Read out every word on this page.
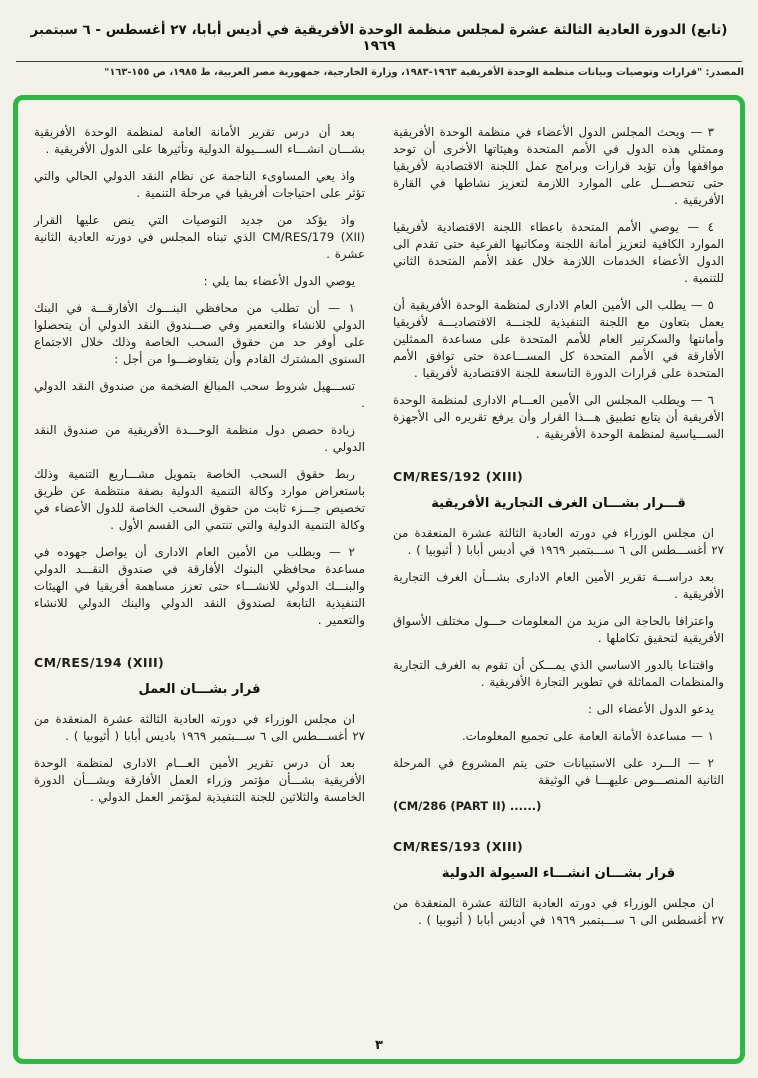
(تابع) الدورة العادية الثالثة عشرة لمجلس منظمة الوحدة الأفريقية في أديس أبابا، ٢٧ أغسطس - ٦ سبتمبر ١٩٦٩
المصدر: "قرارات وتوصيات وبيانات منظمة الوحدة الأفريقية ١٩٦٣-١٩٨٣، وزارة الخارجية، جمهورية مصر العربية، ط ١٩٨٥، ص ١٥٥-١٦٣"
٣ — ويحث المجلس الدول الأعضاء في منظمة الوحدة الأفريقية وممثلي هذه الدول في الأمم المتحدة وهيئاتها الأخرى أن توحد مواقفها وأن تؤيد قرارات وبرامج عمل اللجنة الاقتصادية لأفريقيا حتى تتحصـــل على الموارد اللازمة لتعزيز نشاطها في القارة الأفريقية .
٤ — يوصي الأمم المتحدة باعطاء اللجنة الاقتصادية لأفريقيا الموارد الكافية لتعزيز أمانة اللجنة ومكاتبها الفرعية حتى تقدم الى الدول الأعضاء الخدمات اللازمة خلال عقد الأمم المتحدة الثاني للتنمية .
٥ — يطلب الى الأمين العام الادارى لمنظمة الوحدة الأفريقية أن يعمل بتعاون مع اللجنة التنفيذية للجنـــة الاقتصاديـــة لأفريقيا وأمانتها والسكرتير العام للأمم المتحدة على مساعدة الممثلين الأفارقة في الأمم المتحدة كل المســـاعدة حتى توافق الأمم المتحدة على قرارات الدورة التاسعة للجنة الاقتصادية لأفريقيا .
٦ — ويطلب المجلس الى الأمين العـــام الادارى لمنظمة الوحدة الأفريقية أن يتابع تطبيق هـــذا القرار وأن يرفع تقريره الى الأجهزة الســـياسية لمنظمة الوحدة الأفريقية .
CM/RES/192 (XIII)
قـــرار بشـــان الغرف التجارية الأفريقية
ان مجلس الوزراء في دورته العادية الثالثة عشرة المنعقدة من ٢٧ أغســـطس الى ٦ ســـبتمبر ١٩٦٩ في أديس أبابا ( أثيوبيا ) .
بعد دراســـة تقرير الأمين العام الادارى بشـــأن الغرف التجارية الأفريقية .
واعترافا بالحاجة الى مزيد من المعلومات حـــول مختلف الأسواق الأفريقية لتحقيق تكاملها .
واقتناعا بالدور الاساسي الذي يمـــكن أن تقوم به الغرف التجارية والمنظمات المماثلة في تطوير التجارة الأفريقية .
يدعو الدول الأعضاء الى :
١ — مساعدة الأمانة العامة على تجميع المعلومات.
٢ — الـــرد على الاستبيانات حتى يتم المشروع في المرحلة الثانية المنصـــوص عليهـــا في الوثيقة
(CM/286 (PART II) ......)
CM/RES/193 (XIII)
قرار بشـــان انشـــاء السيولة الدولية
ان مجلس الوزراء في دورته العادية الثالثة عشرة المنعقدة من ٢٧ أغسطس الى ٦ ســـبتمبر ١٩٦٩ في أديس أبابا ( أثيوبيا ) .
بعد أن درس تقرير الأمانة العامة لمنظمة الوحدة الأفريقية بشـــان انشـــاء الســـيولة الدولية وتأثيرها على الدول الأفريقية .
واذ يعي المساوىء الناجمة عن نظام النقد الدولي الحالي والتي تؤثر على احتياجات أفريقيا في مرحلة التنمية .
واذ يؤكد من جديد التوصيات التي ينص عليها القرار CM/RES/179 (XII) الذي تبناه المجلس في دورته العادية الثانية عشرة .
يوصي الدول الأعضاء بما يلي :
١ — أن تطلب من محافظي البنـــوك الأفارقـــة في البنك الدولي للانشاء والتعمير وفي صـــندوق النقد الدولي أن يتحصلوا على أوفر حد من حقوق السحب الخاصة وذلك خلال الاجتماع السنوى المشترك القادم وأن يتفاوضـــوا من أجل :
تســـهيل شروط سحب المبالغ الضخمة من صندوق النقد الدولي .
زيادة حصص دول منظمة الوحـــدة الأفريقية من صندوق النقد الدولي .
ربط حقوق السحب الخاصة بتمويل مشـــاريع التنمية وذلك باستعراض موارد وكالة التنمية الدولية بصفة منتظمة عن طريق تخصيص جـــزء ثابت من حقوق السحب الخاصة للدول الأعضاء في وكالة التنمية الدولية والتي تنتمي الى القسم الأول .
٢ — ويطلب من الأمين العام الادارى أن يواصل جهوده في مساعدة محافظي البنوك الأفارقة في صندوق النقـــد الدولي والبنـــك الدولي للانشـــاء حتى تعزز مساهمة أفريقيا في الهيئات التنفيذية التابعة لصندوق النقد الدولي والبنك الدولي للانشاء والتعمير .
CM/RES/194 (XIII)
قرار بشـــان العمل
ان مجلس الوزراء في دورته العادية الثالثة عشرة المنعقدة من ٢٧ أغســـطس الى ٦ ســـبتمبر ١٩٦٩ باديس أبابا ( أثيوبيا ) .
بعد أن درس تقرير الأمين العـــام الادارى لمنظمة الوحدة الأفريقية بشـــأن مؤتمر وزراء العمل الأفارقة وبشـــأن الدورة الخامسة والثلاثين للجنة التنفيذية لمؤتمر العمل الدولي .
٣
